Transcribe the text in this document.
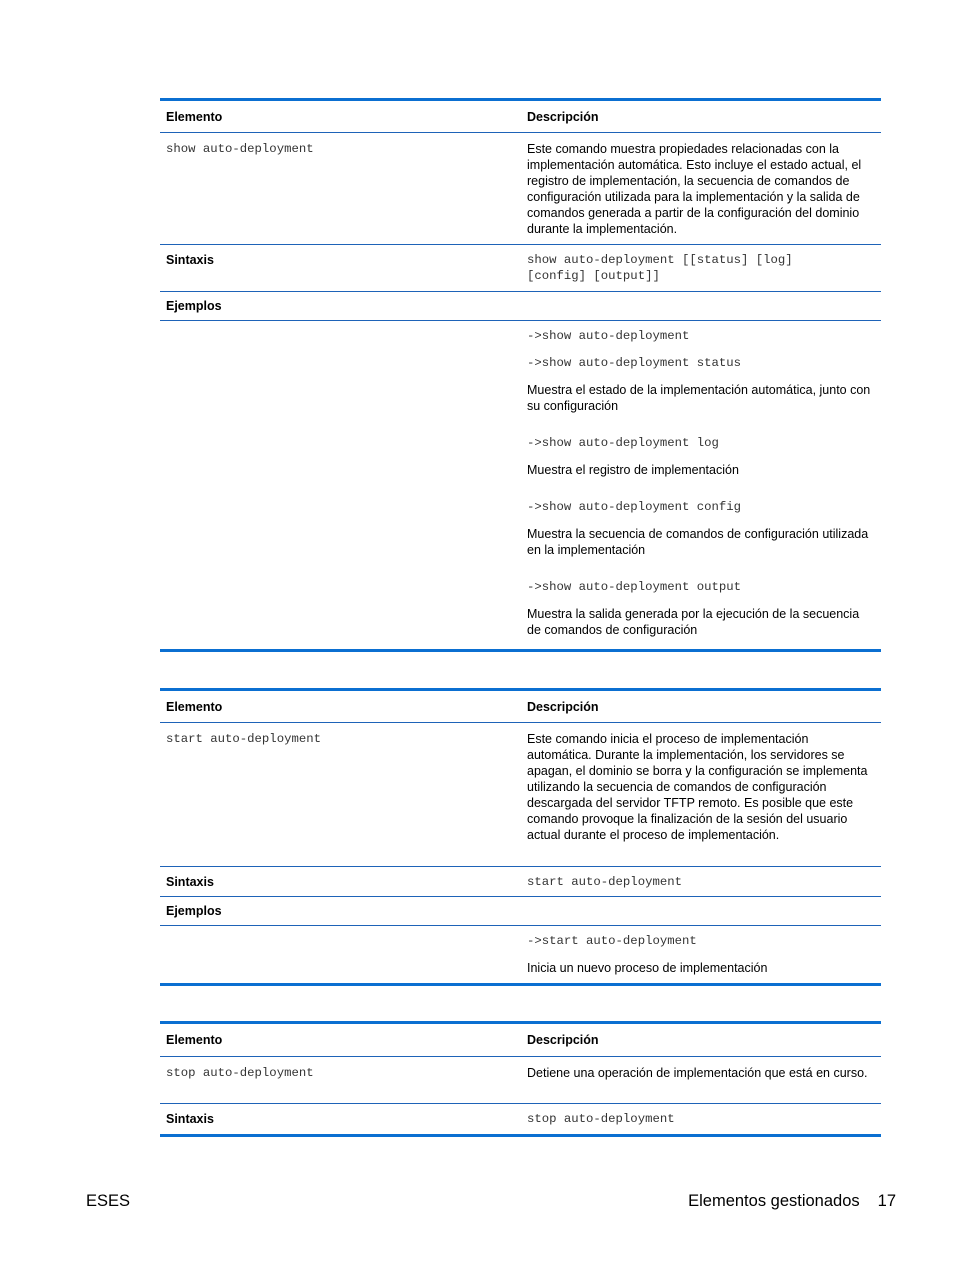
Elemento	Descripción
show auto-deployment	Este comando muestra propiedades relacionadas con la implementación automática. Esto incluye el estado actual, el registro de implementación, la secuencia de comandos de configuración utilizada para la implementación y la salida de comandos generada a partir de la configuración del dominio durante la implementación.
Sintaxis	show auto-deployment [[status] [log]
[config] [output]]
Ejemplos
->show auto-deployment
->show auto-deployment status
Muestra el estado de la implementación automática, junto con su configuración
->show auto-deployment log
Muestra el registro de implementación
->show auto-deployment config
Muestra la secuencia de comandos de configuración utilizada en la implementación
->show auto-deployment output
Muestra la salida generada por la ejecución de la secuencia de comandos de configuración
Elemento	Descripción
start auto-deployment	Este comando inicia el proceso de implementación automática. Durante la implementación, los servidores se apagan, el dominio se borra y la configuración se implementa utilizando la secuencia de comandos de configuración descargada del servidor TFTP remoto. Es posible que este comando provoque la finalización de la sesión del usuario actual durante el proceso de implementación.
Sintaxis	start auto-deployment
Ejemplos
->start auto-deployment
Inicia un nuevo proceso de implementación
Elemento	Descripción
stop auto-deployment	Detiene una operación de implementación que está en curso.
Sintaxis	stop auto-deployment
ESES	Elementos gestionados 17
